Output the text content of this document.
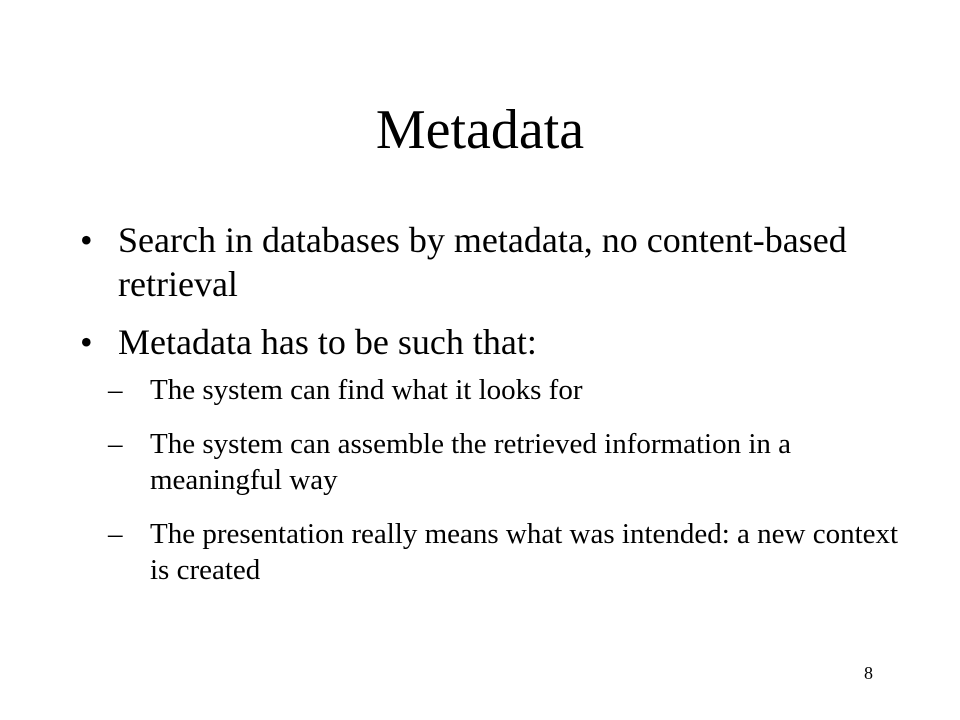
Metadata
• Search in databases by metadata, no content-based retrieval
• Metadata has to be such that:
– The system can find what it looks for
– The system can assemble the retrieved information in a meaningful way
– The presentation really means what was intended: a new context is created
8
